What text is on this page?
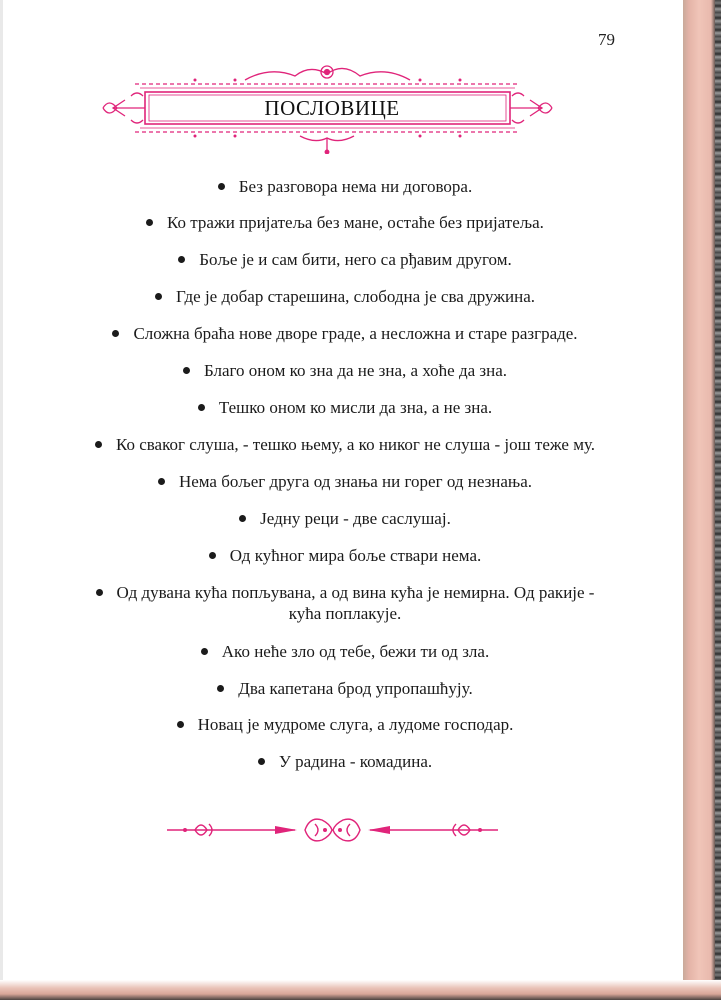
79
ПОСЛОВИЦЕ
Без разговора нема ни договора.
Ко тражи пријатеља без мане, остаће без пријатеља.
Боље је и сам бити, него са рђавим другом.
Где је добар старешина, слободна је сва дружина.
Сложна браћа нове дворе граде, а несложна и старе разграде.
Благо оном ко зна да не зна, а хоће да зна.
Тешко оном ко мисли да зна, а не зна.
Ко сваког слуша, - тешко њему, а ко никог не слуша - још теже му.
Нема бољег друга од знања ни горег од незнања.
Једну реци - две саслушај.
Од кућног мира боље ствари нема.
Од дувана кућа попљувана, а од вина кућа је немирна. Од ракије -
кућа поплакује.
Ако неће зло од тебе, бежи ти од зла.
Два капетана брод упропашћују.
Новац је мудроме слуга, а лудоме господар.
У радина - комадина.
